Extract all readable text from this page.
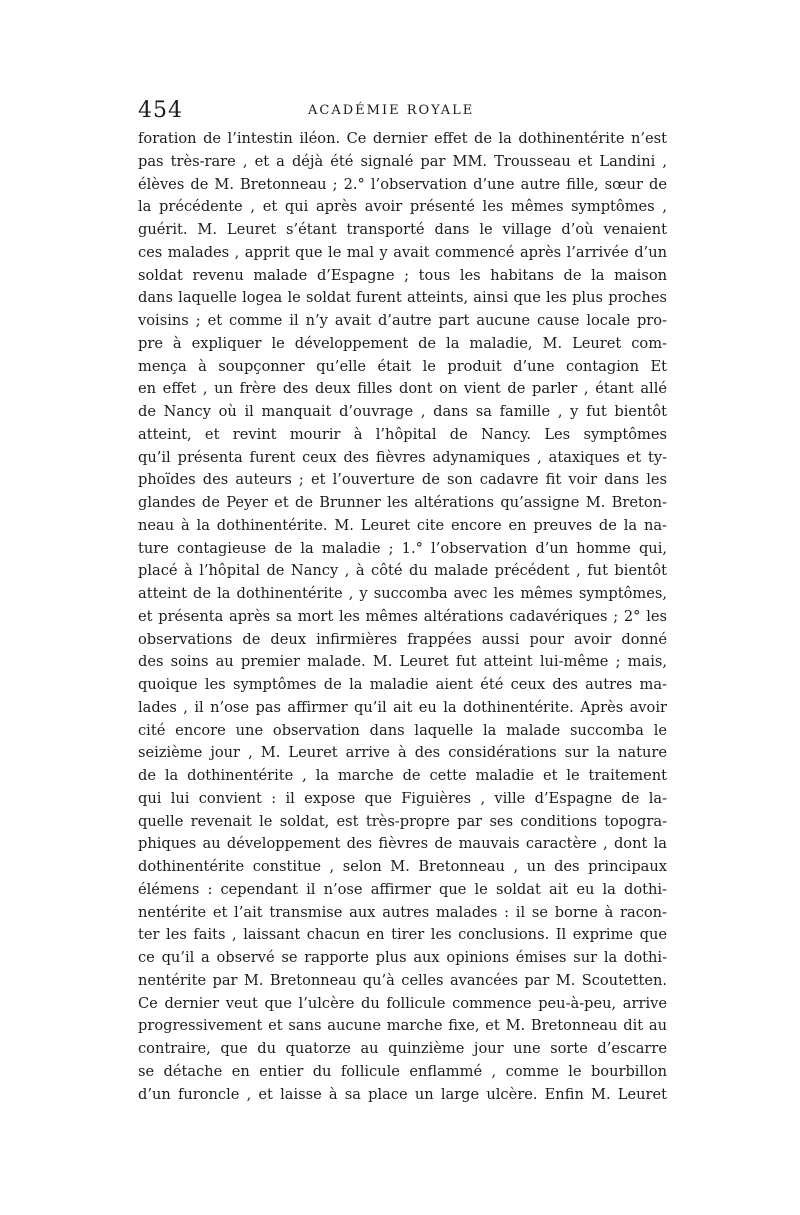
454	ACADÉMIE ROYALE
foration de l’intestin iléon. Ce dernier effet de la dothinentérite n’est
pas très-rare , et a déjà été signalé par MM. Trousseau et Landini ,
élèves de M. Bretonneau ; 2.° l’observation d’une autre fille, sœur de
la précédente , et qui après avoir présenté les mêmes symptômes ,
guérit. M. Leuret s’étant transporté dans le village d’où venaient
ces malades , apprit que le mal y avait commencé après l’arrivée d’un
soldat revenu malade d’Espagne ; tous les habitans de la maison
dans laquelle logea le soldat furent atteints, ainsi que les plus proches
voisins ; et comme il n’y avait d’autre part aucune cause locale pro-
pre à expliquer le développement de la maladie, M. Leuret com-
mença à soupçonner qu’elle était le produit d’une contagion Et
en effet , un frère des deux filles dont on vient de parler , étant allé
de Nancy où il manquait d’ouvrage , dans sa famille , y fut bientôt
atteint, et revint mourir à l’hôpital de Nancy. Les symptômes
qu’il présenta furent ceux des fièvres adynamiques , ataxiques et ty-
phoïdes des auteurs ; et l’ouverture de son cadavre fit voir dans les
glandes de Peyer et de Brunner les altérations qu’assigne M. Breton-
neau à la dothinentérite. M. Leuret cite encore en preuves de la na-
ture contagieuse de la maladie ; 1.° l’observation d’un homme qui,
placé à l’hôpital de Nancy , à côté du malade précédent , fut bientôt
atteint de la dothinentérite , y succomba avec les mêmes symptômes,
et présenta après sa mort les mêmes altérations cadavériques ; 2° les
observations de deux infirmières frappées aussi pour avoir donné
des soins au premier malade. M. Leuret fut atteint lui-même ; mais,
quoique les symptômes de la maladie aient été ceux des autres ma-
lades , il n’ose pas affirmer qu’il ait eu la dothinentérite. Après avoir
cité encore une observation dans laquelle la malade succomba le
seizième jour , M. Leuret arrive à des considérations sur la nature
de la dothinentérite , la marche de cette maladie et le traitement
qui lui convient : il expose que Figuières , ville d’Espagne de la-
quelle revenait le soldat, est très-propre par ses conditions topogra-
phiques au développement des fièvres de mauvais caractère , dont la
dothinentérite constitue , selon M. Bretonneau , un des principaux
élémens : cependant il n’ose affirmer que le soldat ait eu la dothi-
nentérite et l’ait transmise aux autres malades : il se borne à racon-
ter les faits , laissant chacun en tirer les conclusions. Il exprime que
ce qu’il a observé se rapporte plus aux opinions émises sur la dothi-
nentérite par M. Bretonneau qu’à celles avancées par M. Scoutetten.
Ce dernier veut que l’ulcère du follicule commence peu-à-peu, arrive
progressivement et sans aucune marche fixe, et M. Bretonneau dit au
contraire, que du quatorze au quinzième jour une sorte d’escarre
se détache en entier du follicule enflammé , comme le bourbillon
d’un furoncle , et laisse à sa place un large ulcère. Enfin M. Leuret
